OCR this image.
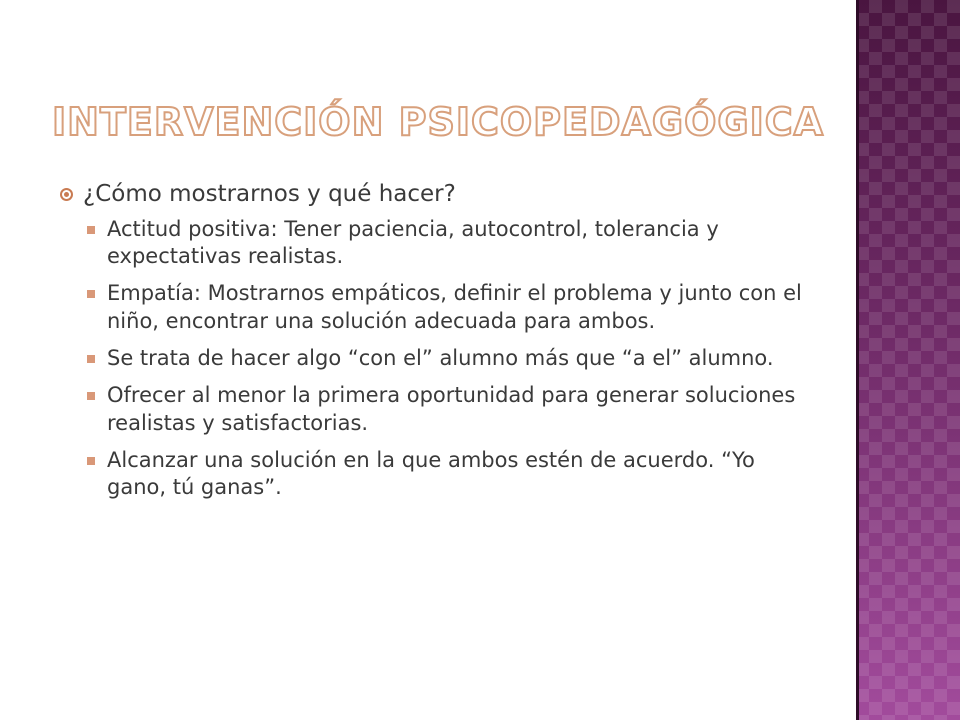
INTERVENCIÓN PSICOPEDAGÓGICA
¿Cómo mostrarnos y qué hacer?
Actitud positiva: Tener paciencia, autocontrol, tolerancia y expectativas realistas.
Empatía: Mostrarnos empáticos, definir el problema y junto con el niño, encontrar una solución adecuada para ambos.
Se trata de hacer algo “con el” alumno más que “a el” alumno.
Ofrecer al menor la primera oportunidad para generar soluciones realistas y satisfactorias.
Alcanzar una solución en la que ambos estén de acuerdo. “Yo gano, tú ganas”.
